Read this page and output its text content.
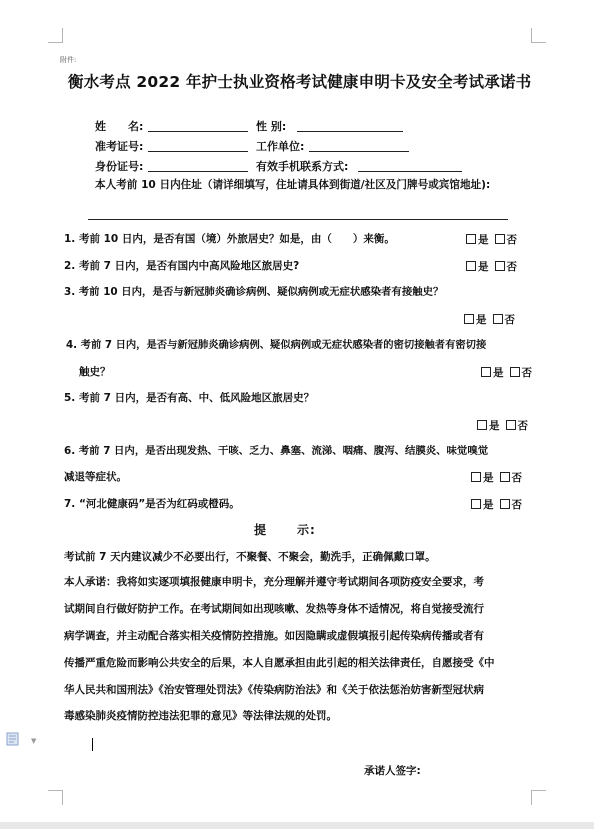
附件:
衡水考点 2022 年护士执业资格考试健康申明卡及安全考试承诺书
姓　　名:	性 别:
准考证号:	工作单位:
身份证号:	有效手机联系方式:
本人考前 10 日内住址（请详细填写，住址请具体到街道/社区及门牌号或宾馆地址):
1. 考前 10 日内，是否有国（境）外旅居史？如是，由（　　）来衡。	是 否
2. 考前 7 日内，是否有国内中高风险地区旅居史?	是 否
3. 考前 10 日内，是否与新冠肺炎确诊病例、疑似病例或无症状感染者有接触史？
是 否
4. 考前 7 日内，是否与新冠肺炎确诊病例、疑似病例或无症状感染者的密切接触者有密切接
触史？	是 否
5. 考前 7 日内，是否有高、中、低风险地区旅居史？
是 否
6. 考前 7 日内，是否出现发热、干咳、乏力、鼻塞、流涕、咽痛、腹泻、结膜炎、味觉嗅觉
减退等症状。	是 否
7. “河北健康码”是否为红码或橙码。	是 否
提	示:
考试前 7 天内建议减少不必要出行，不聚餐、不聚会，勤洗手，正确佩戴口罩。
本人承诺：我将如实逐项填报健康申明卡，充分理解并遵守考试期间各项防疫安全要求，考
试期间自行做好防护工作。在考试期间如出现咳嗽、发热等身体不适情况，将自觉接受流行
病学调查，并主动配合落实相关疫情防控措施。如因隐瞒或虚假填报引起传染病传播或者有
传播严重危险而影响公共安全的后果，本人自愿承担由此引起的相关法律责任，自愿接受《中
华人民共和国刑法》《治安管理处罚法》《传染病防治法》和《关于依法惩治妨害新型冠状病
毒感染肺炎疫情防控违法犯罪的意见》等法律法规的处罚。
承诺人签字:
▼
